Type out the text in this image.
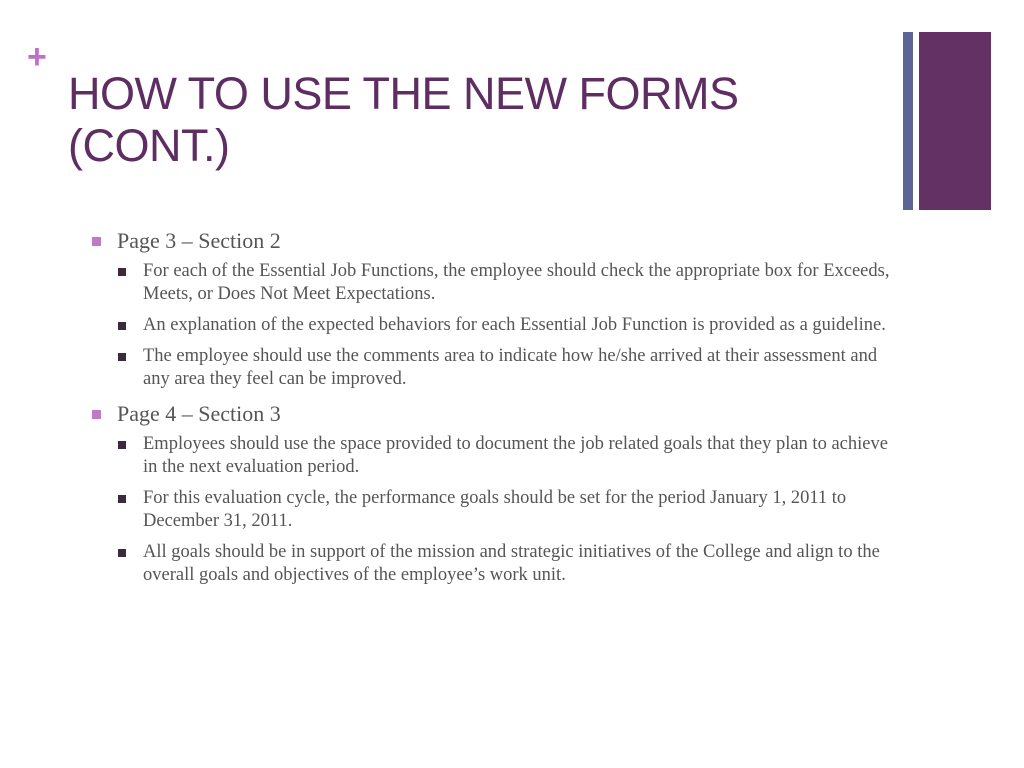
+
HOW TO USE THE NEW FORMS (CONT.)
Page 3 – Section 2
For each of the Essential Job Functions, the employee should check the appropriate box for Exceeds, Meets, or Does Not Meet Expectations.
An explanation of the expected behaviors for each Essential Job Function is provided as a guideline.
The employee should use the comments area to indicate how he/she arrived at their assessment and any area they feel can be improved.
Page 4 – Section 3
Employees should use the space provided to document the job related goals that they plan to achieve in the next evaluation period.
For this evaluation cycle, the performance goals should be set for the period January 1, 2011 to December 31, 2011.
All goals should be in support of the mission and strategic initiatives of the College and align to the overall goals and objectives of the employee’s work unit.
